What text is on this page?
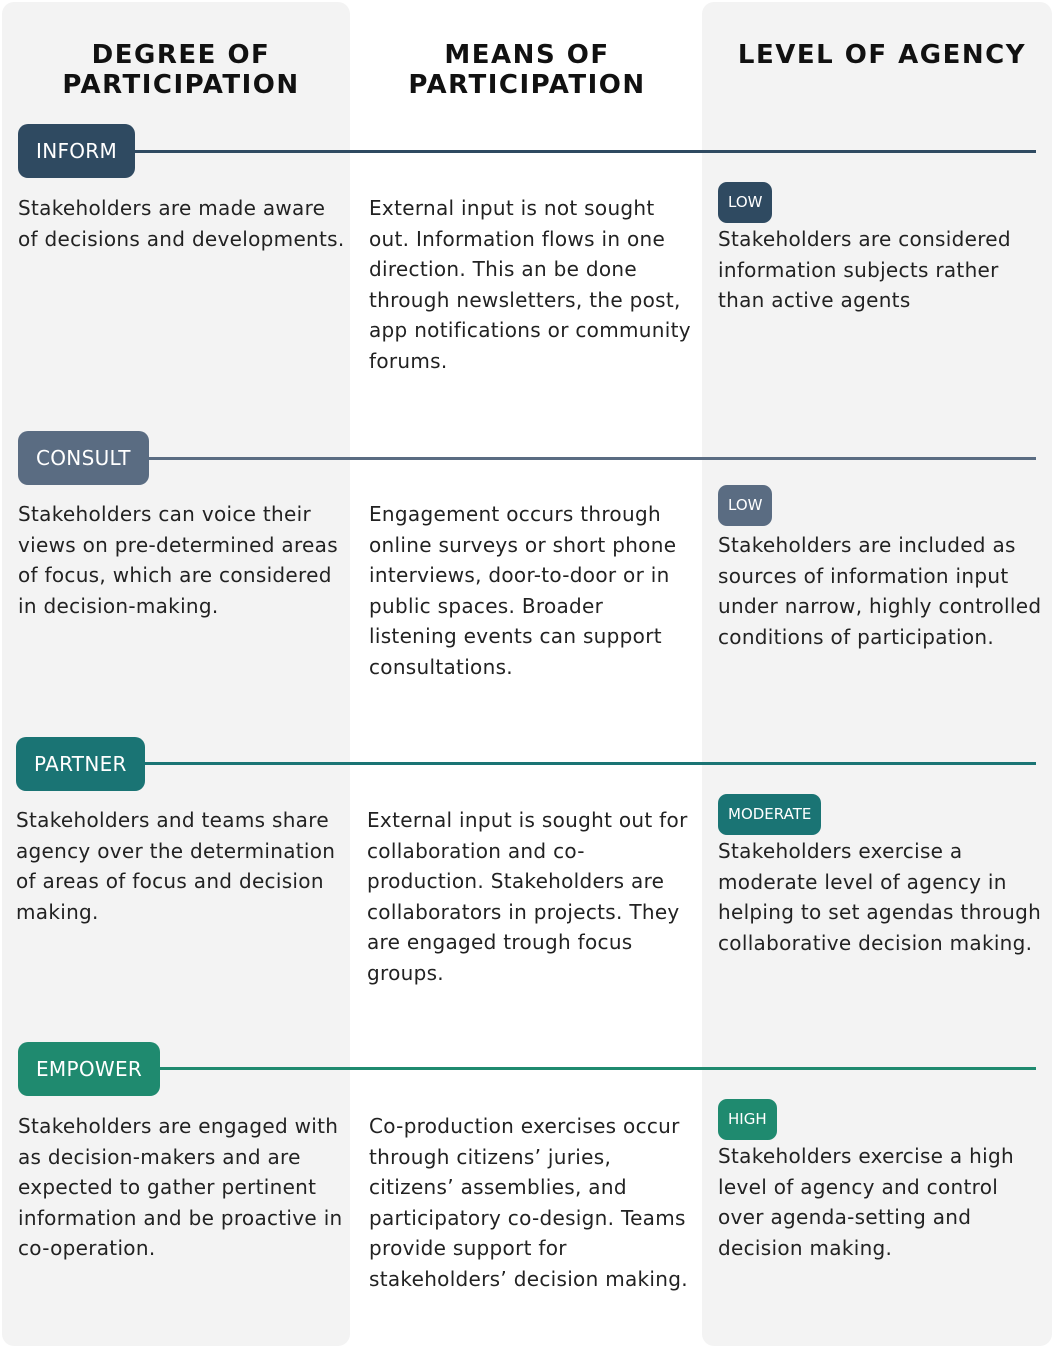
DEGREE OF PARTICIPATION
MEANS OF PARTICIPATION
LEVEL OF AGENCY
INFORM
Stakeholders are made aware of decisions and developments.
External input is not sought out. Information flows in one direction. This an be done through newsletters, the post, app notifications or community forums.
LOW
Stakeholders are considered information subjects rather than active agents
CONSULT
Stakeholders can voice their views on pre-determined areas of focus, which are considered in decision-making.
Engagement occurs through online surveys or short phone interviews, door-to-door or in public spaces. Broader listening events can support consultations.
LOW
Stakeholders are included as sources of information input under narrow, highly controlled conditions of participation.
PARTNER
Stakeholders and teams share agency over the determination of areas of focus and decision making.
External input is sought out for collaboration and co-production. Stakeholders are collaborators in projects. They are engaged trough focus groups.
MODERATE
Stakeholders exercise a moderate level of agency in helping to set agendas through collaborative decision making.
EMPOWER
Stakeholders are engaged with as decision-makers and are expected to gather pertinent information and be proactive in co-operation.
Co-production exercises occur through citizens’ juries, citizens’ assemblies, and participatory co-design. Teams provide support for stakeholders’ decision making.
HIGH
Stakeholders exercise a high level of agency and control over agenda-setting and decision making.
